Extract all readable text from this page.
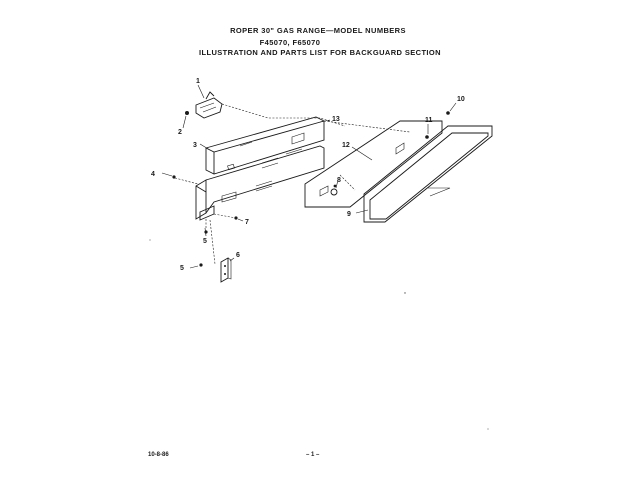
ROPER 30" GAS RANGE—MODEL NUMBERS
F45070, F65070
ILLUSTRATION AND PARTS LIST FOR BACKGUARD SECTION
1
2
3
4
5
6
7
8
9
10
11
12
13
5
10-8-86	– 1 –
